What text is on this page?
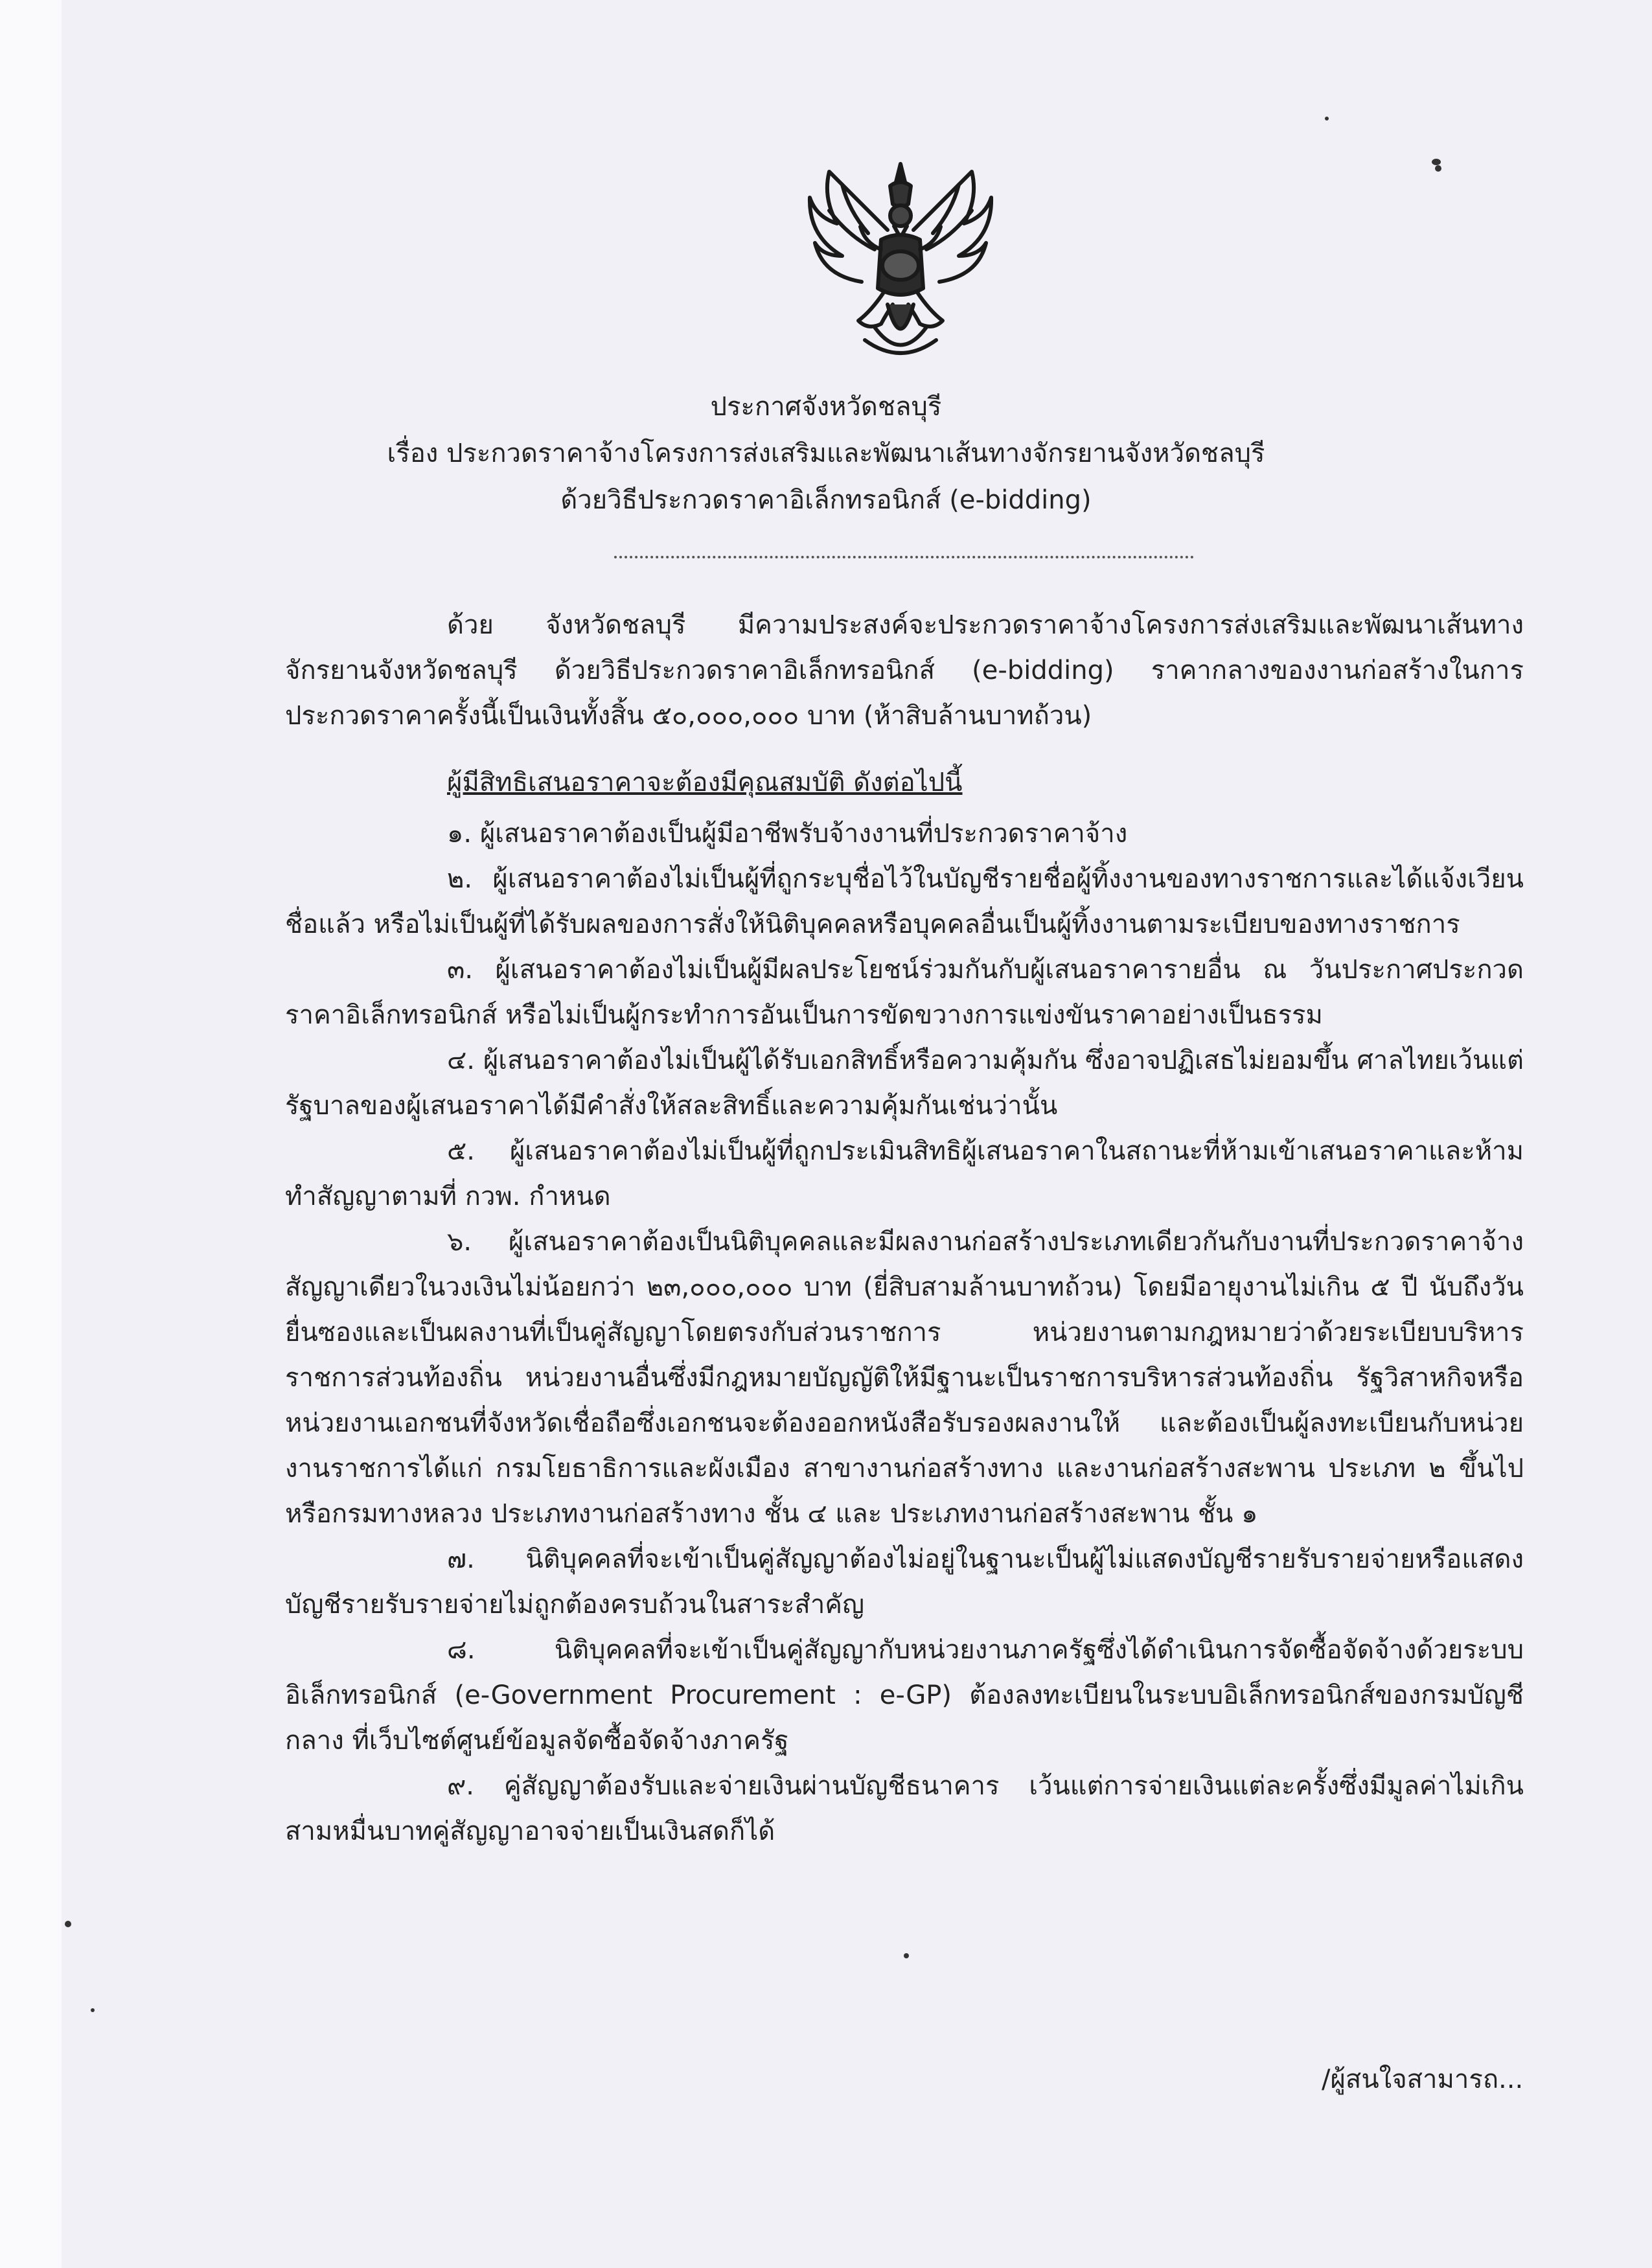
ประกาศจังหวัดชลบุรี
เรื่อง ประกวดราคาจ้างโครงการส่งเสริมและพัฒนาเส้นทางจักรยานจังหวัดชลบุรี
ด้วยวิธีประกวดราคาอิเล็กทรอนิกส์ (e-bidding)

ด้วย จังหวัดชลบุรี มีความประสงค์จะประกวดราคาจ้างโครงการส่งเสริมและพัฒนาเส้นทางจักรยานจังหวัดชลบุรี ด้วยวิธีประกวดราคาอิเล็กทรอนิกส์ (e-bidding) ราคากลางของงานก่อสร้างในการประกวดราคาครั้งนี้เป็นเงินทั้งสิ้น ๕๐,๐๐๐,๐๐๐ บาท (ห้าสิบล้านบาทถ้วน)

ผู้มีสิทธิเสนอราคาจะต้องมีคุณสมบัติ ดังต่อไปนี้

๑. ผู้เสนอราคาต้องเป็นผู้มีอาชีพรับจ้างงานที่ประกวดราคาจ้าง

๒. ผู้เสนอราคาต้องไม่เป็นผู้ที่ถูกระบุชื่อไว้ในบัญชีรายชื่อผู้ทิ้งงานของทางราชการและได้แจ้งเวียนชื่อแล้ว หรือไม่เป็นผู้ที่ได้รับผลของการสั่งให้นิติบุคคลหรือบุคคลอื่นเป็นผู้ทิ้งงานตามระเบียบของทางราชการ

๓. ผู้เสนอราคาต้องไม่เป็นผู้มีผลประโยชน์ร่วมกันกับผู้เสนอราคารายอื่น ณ วันประกาศประกวดราคาอิเล็กทรอนิกส์ หรือไม่เป็นผู้กระทำการอันเป็นการขัดขวางการแข่งขันราคาอย่างเป็นธรรม

๔. ผู้เสนอราคาต้องไม่เป็นผู้ได้รับเอกสิทธิ์หรือความคุ้มกัน ซึ่งอาจปฏิเสธไม่ยอมขึ้น ศาลไทยเว้นแต่รัฐบาลของผู้เสนอราคาได้มีคำสั่งให้สละสิทธิ์และความคุ้มกันเช่นว่านั้น

๕. ผู้เสนอราคาต้องไม่เป็นผู้ที่ถูกประเมินสิทธิผู้เสนอราคาในสถานะที่ห้ามเข้าเสนอราคาและห้ามทำสัญญาตามที่ กวพ. กำหนด

๖. ผู้เสนอราคาต้องเป็นนิติบุคคลและมีผลงานก่อสร้างประเภทเดียวกันกับงานที่ประกวดราคาจ้างสัญญาเดียวในวงเงินไม่น้อยกว่า ๒๓,๐๐๐,๐๐๐ บาท (ยี่สิบสามล้านบาทถ้วน) โดยมีอายุงานไม่เกิน ๕ ปี นับถึงวันยื่นซองและเป็นผลงานที่เป็นคู่สัญญาโดยตรงกับส่วนราชการ หน่วยงานตามกฎหมายว่าด้วยระเบียบบริหารราชการส่วนท้องถิ่น หน่วยงานอื่นซึ่งมีกฎหมายบัญญัติให้มีฐานะเป็นราชการบริหารส่วนท้องถิ่น รัฐวิสาหกิจหรือหน่วยงานเอกชนที่จังหวัดเชื่อถือซึ่งเอกชนจะต้องออกหนังสือรับรองผลงานให้ และต้องเป็นผู้ลงทะเบียนกับหน่วยงานราชการได้แก่ กรมโยธาธิการและผังเมือง สาขางานก่อสร้างทาง และงานก่อสร้างสะพาน ประเภท ๒ ขึ้นไป หรือกรมทางหลวง ประเภทงานก่อสร้างทาง ชั้น ๔ และ ประเภทงานก่อสร้างสะพาน ชั้น ๑

๗. นิติบุคคลที่จะเข้าเป็นคู่สัญญาต้องไม่อยู่ในฐานะเป็นผู้ไม่แสดงบัญชีรายรับรายจ่ายหรือแสดงบัญชีรายรับรายจ่ายไม่ถูกต้องครบถ้วนในสาระสำคัญ

๘. นิติบุคคลที่จะเข้าเป็นคู่สัญญากับหน่วยงานภาครัฐซึ่งได้ดำเนินการจัดซื้อจัดจ้างด้วยระบบอิเล็กทรอนิกส์ (e-Government Procurement : e-GP) ต้องลงทะเบียนในระบบอิเล็กทรอนิกส์ของกรมบัญชีกลาง ที่เว็บไซต์ศูนย์ข้อมูลจัดซื้อจัดจ้างภาครัฐ

๙. คู่สัญญาต้องรับและจ่ายเงินผ่านบัญชีธนาคาร เว้นแต่การจ่ายเงินแต่ละครั้งซึ่งมีมูลค่าไม่เกินสามหมื่นบาทคู่สัญญาอาจจ่ายเป็นเงินสดก็ได้

/ผู้สนใจสามารถ...
